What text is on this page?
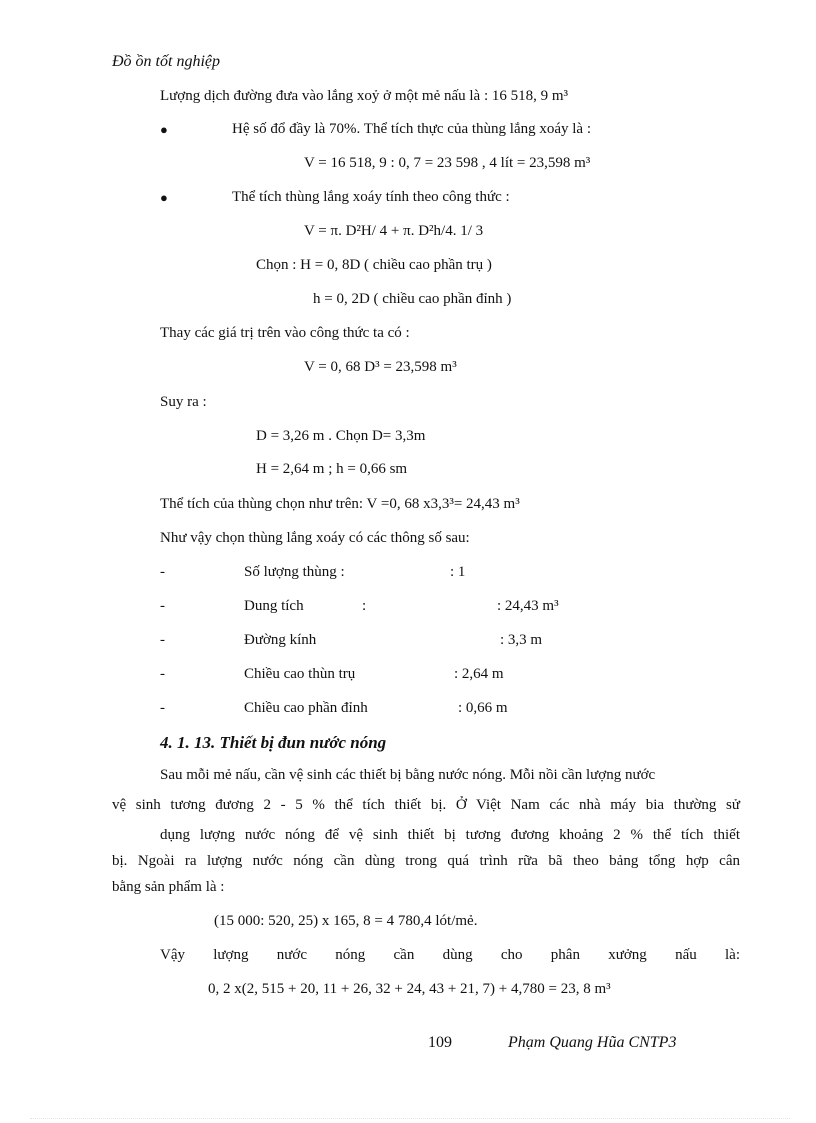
Đồ ồn tốt nghiệp
Lượng dịch đường đưa vào lắng xoỷ ở một mẻ nấu là : 16 518, 9 m³
●	Hệ số đổ đầy là 70%. Thể tích thực của thùng lắng xoáy là :
V = 16 518, 9 : 0, 7 = 23 598 , 4 lít = 23,598 m³
●	Thể tích thùng lắng xoáy tính theo công thức :
V = π. D²H/ 4 + π. D²h/4. 1/ 3
Chọn : H = 0, 8D ( chiều cao phần trụ )
h = 0, 2D ( chiều cao phần đỉnh )
Thay các giá trị trên vào công thức ta có :
V = 0, 68 D³ = 23,598 m³
Suy ra :
D = 3,26 m . Chọn D= 3,3m
H = 2,64 m ; h = 0,66 sm
Thể tích của thùng chọn như trên: V =0, 68 x3,3³= 24,43 m³
Như vậy chọn thùng lắng xoáy có các thông số sau:
-	Số lượng thùng :	: 1
-	Dung tích	:	: 24,43 m³
-	Đường kính	: 3,3 m
-	Chiều cao thùn trụ	: 2,64 m
-	Chiều cao phần đỉnh	: 0,66 m
4. 1. 13. Thiết bị đun nước nóng
Sau mỗi mẻ nấu, cần vệ sinh các thiết bị bằng nước nóng. Mỗi nồi cần lượng nước
vệ sinh tương đương 2 - 5 % thể tích thiết bị. Ở Việt Nam các nhà máy bia thường sử
dụng lượng nước nóng để vệ sinh thiết bị tương đương khoảng 2 % thể tích thiết
bị. Ngoài ra lượng nước nóng cần dùng trong quá trình rữa bã theo bảng tổng hợp cân
bằng sản phẩm là :
(15 000: 520, 25) x 165, 8 = 4 780,4 lót/mẻ.
Vậy lượng nước nóng cần dùng cho phân xưởng nấu là:
0, 2 x(2, 515 + 20, 11 + 26, 32 + 24, 43 + 21, 7) + 4,780 = 23, 8 m³
109	Phạm Quang Hũa CNTP3
